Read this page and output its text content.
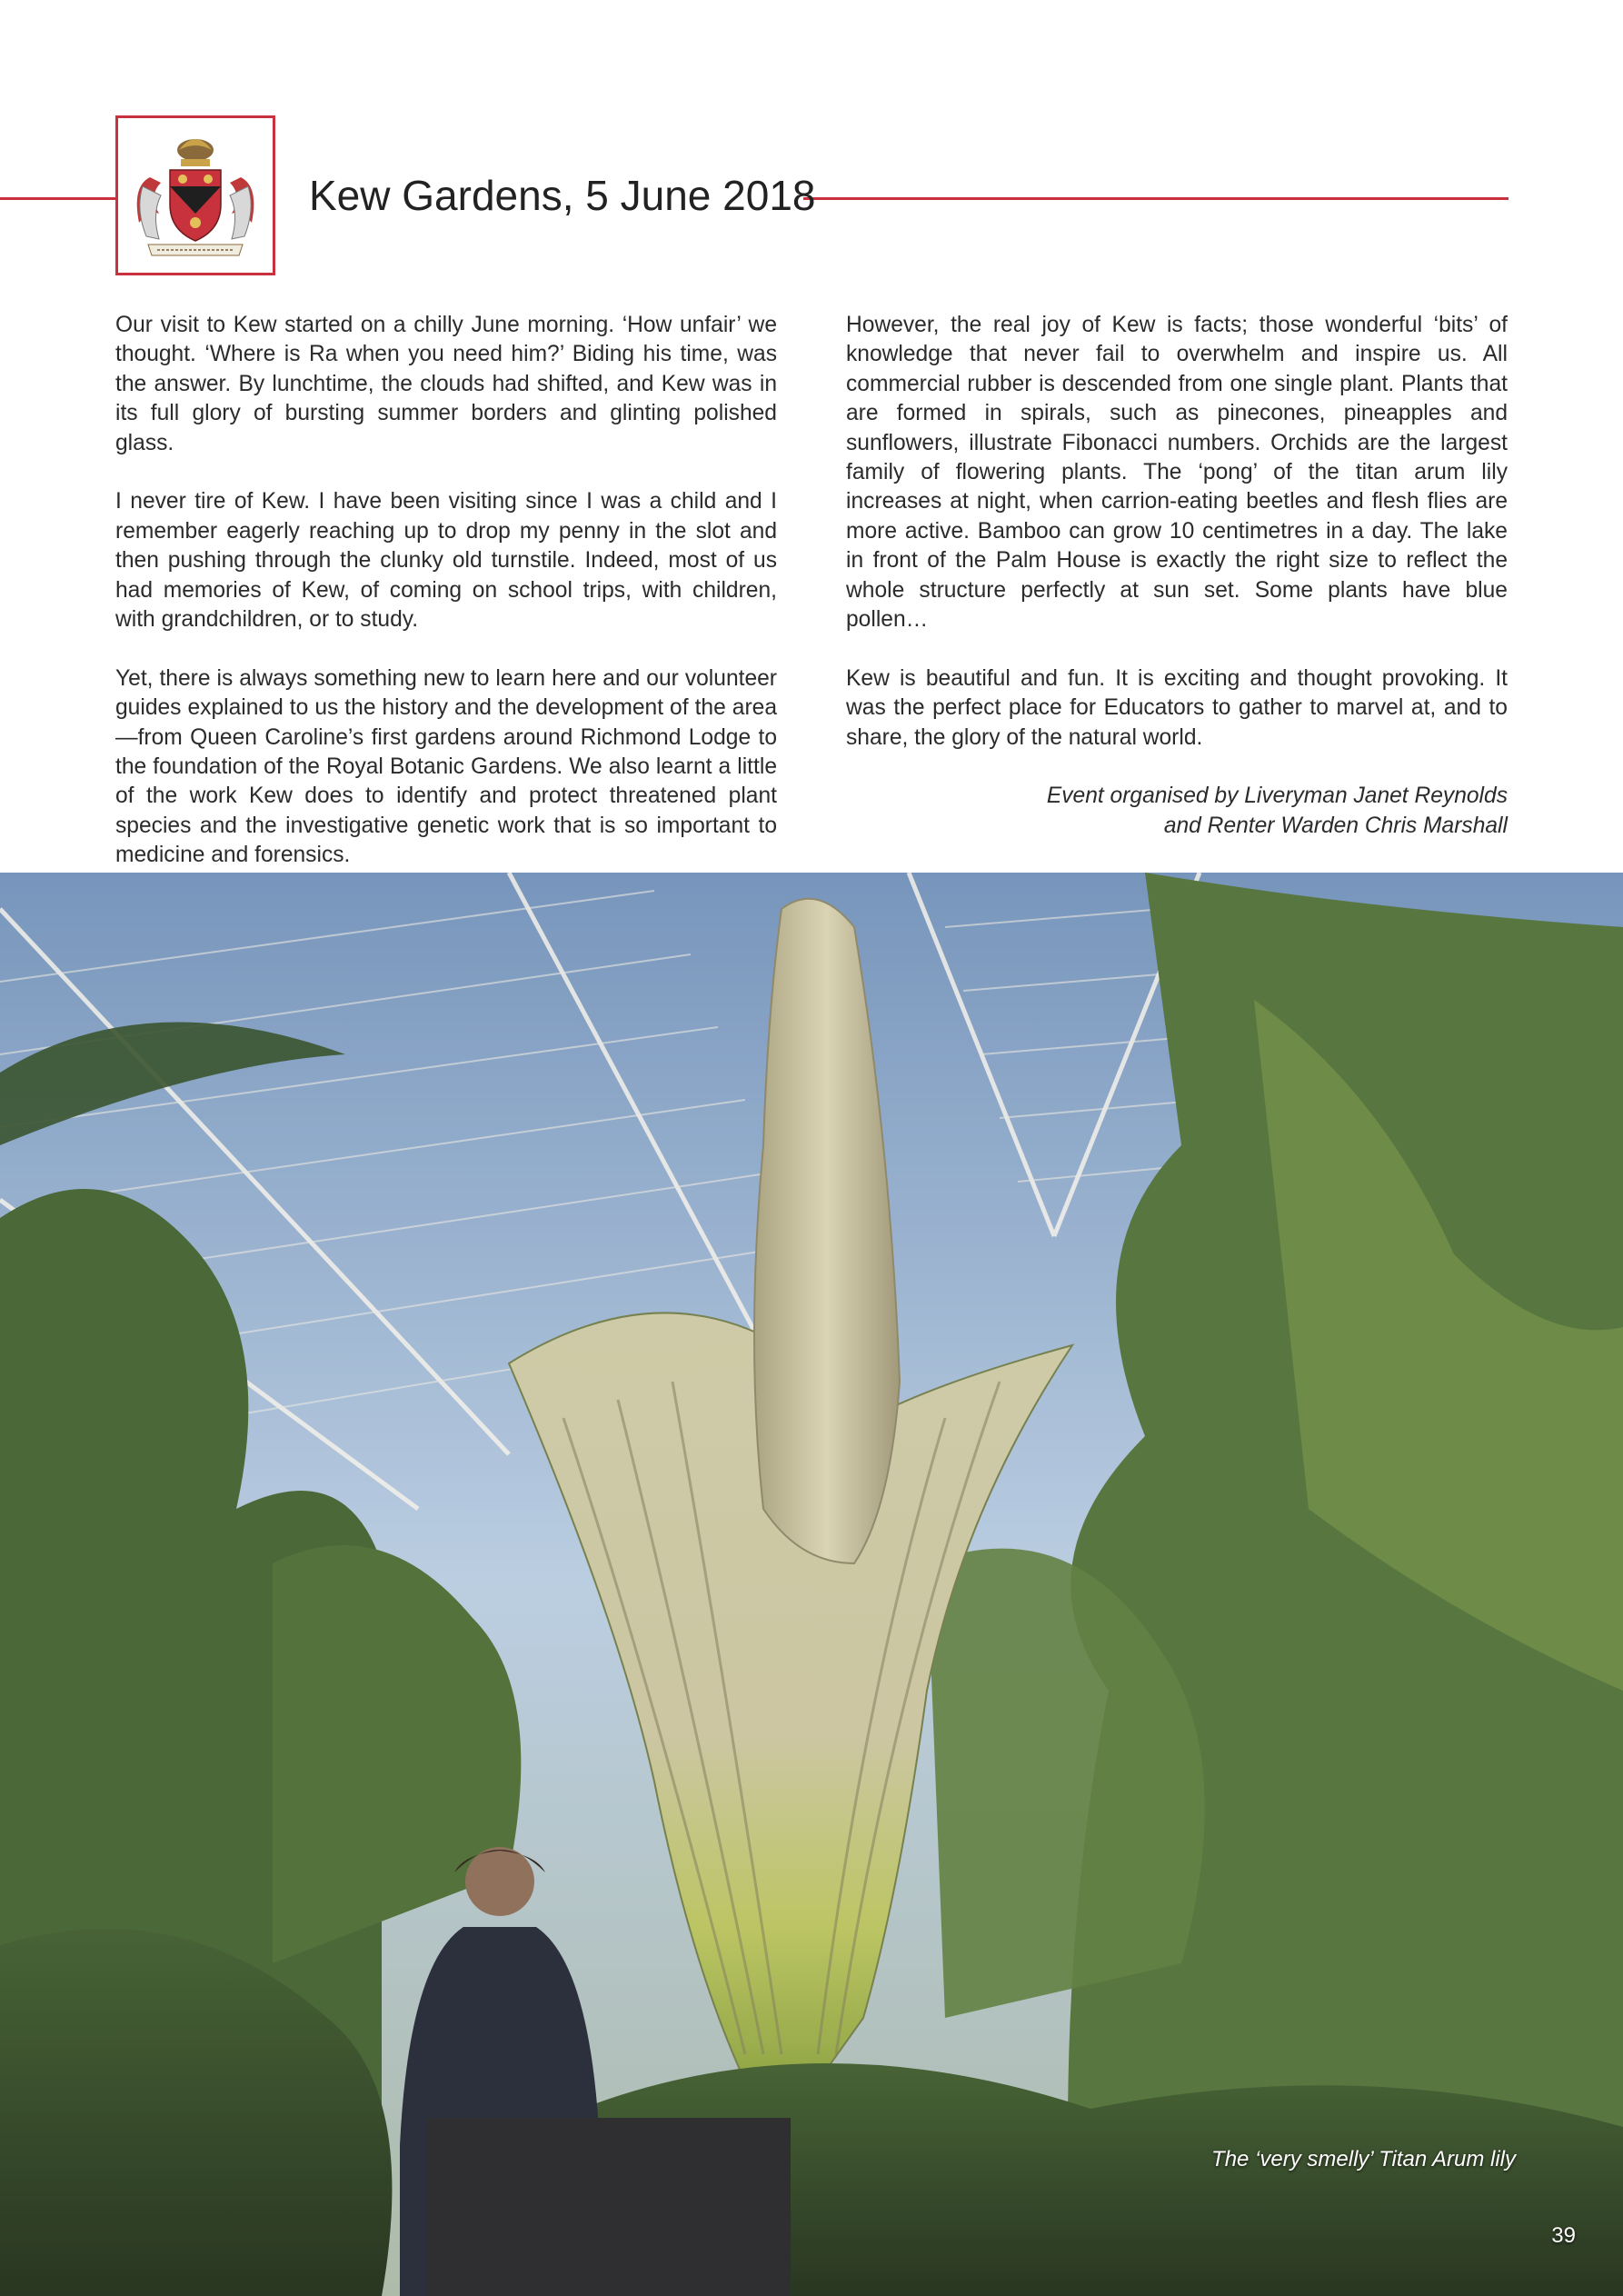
Kew Gardens, 5 June 2018

Our visit to Kew started on a chilly June morning. ‘How unfair’ we thought. ‘Where is Ra when you need him?’ Biding his time, was the answer. By lunchtime, the clouds had shifted, and Kew was in its full glory of bursting summer borders and glinting polished glass.

I never tire of Kew. I have been visiting since I was a child and I remember eagerly reaching up to drop my penny in the slot and then pushing through the clunky old turnstile. Indeed, most of us had memories of Kew, of coming on school trips, with children, with grandchildren, or to study.

Yet, there is always something new to learn here and our volunteer guides explained to us the history and the development of the area—from Queen Caroline’s first gardens around Richmond Lodge to the foundation of the Royal Botanic Gardens. We also learnt a little of the work Kew does to identify and protect threatened plant species and the investigative genetic work that is so important to medicine and forensics.

However, the real joy of Kew is facts; those wonderful ‘bits’ of knowledge that never fail to overwhelm and inspire us. All commercial rubber is descended from one single plant. Plants that are formed in spirals, such as pinecones, pineapples and sunflowers, illustrate Fibonacci numbers. Orchids are the largest family of flowering plants. The ‘pong’ of the titan arum lily increases at night, when carrion-eating beetles and flesh flies are more active. Bamboo can grow 10 centimetres in a day. The lake in front of the Palm House is exactly the right size to reflect the whole structure perfectly at sun set. Some plants have blue pollen…

Kew is beautiful and fun. It is exciting and thought provoking. It was the perfect place for Educators to gather to marvel at, and to share, the glory of the natural world.

Event organised by Liveryman Janet Reynolds
and Renter Warden Chris Marshall

The ‘very smelly’ Titan Arum lily
39
